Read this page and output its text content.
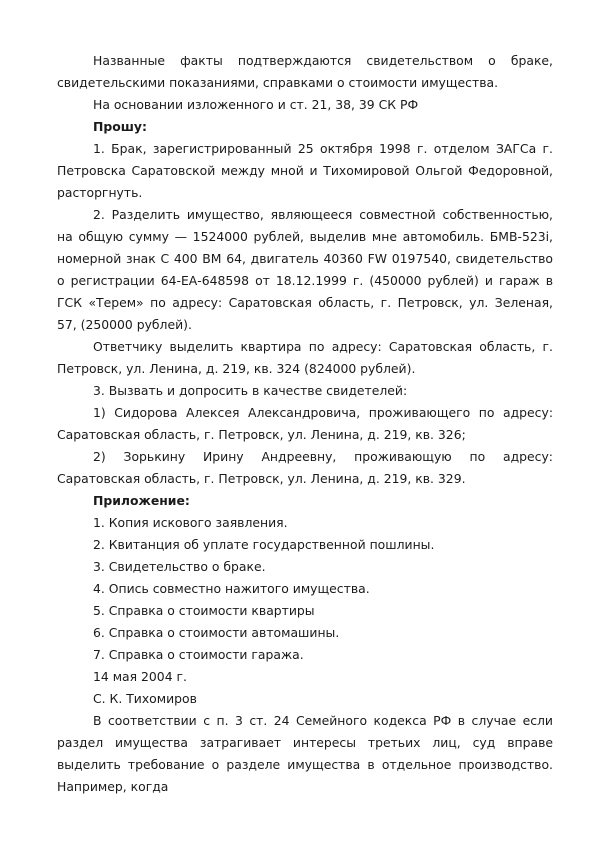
Названные факты подтверждаются свидетельством о браке, свидетельскими показаниями, справками о стоимости имущества.

На основании изложенного и ст. 21, 38, 39 СК РФ

Прошу:

1. Брак, зарегистрированный 25 октября 1998 г. отделом ЗАГСа г. Петровска Саратовской между мной и Тихомировой Ольгой Федоровной, расторгнуть.

2. Разделить имущество, являющееся совместной собственностью, на общую сумму — 1524000 рублей, выделив мне автомобиль. БМВ-523i, номерной знак С 400 ВМ 64, двигатель 40360 FW 0197540, свидетельство о регистрации 64-ЕА-648598 от 18.12.1999 г. (450000 рублей) и гараж в ГСК «Терем» по адресу: Саратовская область, г. Петровск, ул. Зеленая, 57, (250000 рублей).

Ответчику выделить квартира по адресу: Саратовская область, г. Петровск, ул. Ленина, д. 219, кв. 324 (824000 рублей).

3. Вызвать и допросить в качестве свидетелей:

1) Сидорова Алексея Александровича, проживающего по адресу: Саратовская область, г. Петровск, ул. Ленина, д. 219, кв. 326;

2) Зорькину Ирину Андреевну, проживающую по адресу: Саратовская область, г. Петровск, ул. Ленина, д. 219, кв. 329.

Приложение:

1. Копия искового заявления.

2. Квитанция об уплате государственной пошлины.

3. Свидетельство о браке.

4. Опись совместно нажитого имущества.

5. Справка о стоимости квартиры

6. Справка о стоимости автомашины.

7. Справка о стоимости гаража.

14 мая 2004 г.

С. К. Тихомиров

В соответствии с п. 3 ст. 24 Семейного кодекса РФ в случае если раздел имущества затрагивает интересы третьих лиц, суд вправе выделить требование о разделе имущества в отдельное производство. Например, когда
